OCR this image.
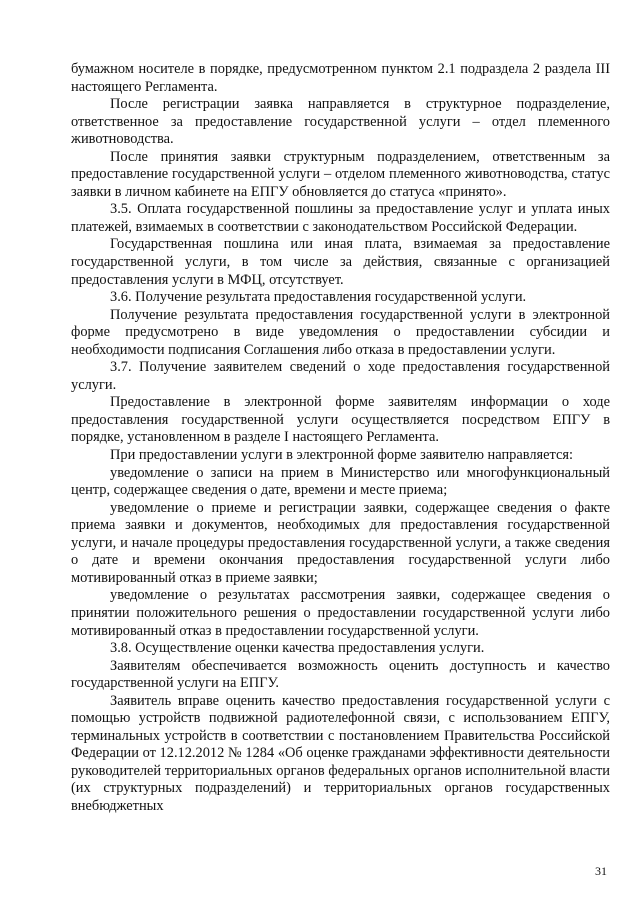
бумажном носителе в порядке, предусмотренном пунктом 2.1 подраздела 2 раздела III настоящего Регламента.

После регистрации заявка направляется в структурное подразделение, ответственное за предоставление государственной услуги – отдел племенного животноводства.

После принятия заявки структурным подразделением, ответственным за предоставление государственной услуги – отделом племенного животноводства, статус заявки в личном кабинете на ЕПГУ обновляется до статуса «принято».

3.5. Оплата государственной пошлины за предоставление услуг и уплата иных платежей, взимаемых в соответствии с законодательством Российской Федерации.

Государственная пошлина или иная плата, взимаемая за предоставление государственной услуги, в том числе за действия, связанные с организацией предоставления услуги в МФЦ, отсутствует.

3.6. Получение результата предоставления государственной услуги.

Получение результата предоставления государственной услуги в электронной форме предусмотрено в виде уведомления о предоставлении субсидии и необходимости подписания Соглашения либо отказа в предоставлении услуги.

3.7. Получение заявителем сведений о ходе предоставления государственной услуги.

Предоставление в электронной форме заявителям информации о ходе предоставления государственной услуги осуществляется посредством ЕПГУ в порядке, установленном в разделе I настоящего Регламента.

При предоставлении услуги в электронной форме заявителю направляется:

уведомление о записи на прием в Министерство или многофункциональный центр, содержащее сведения о дате, времени и месте приема;

уведомление о приеме и регистрации заявки, содержащее сведения о факте приема заявки и документов, необходимых для предоставления государственной услуги, и начале процедуры предоставления государственной услуги, а также сведения о дате и времени окончания предоставления государственной услуги либо мотивированный отказ в приеме заявки;

уведомление о результатах рассмотрения заявки, содержащее сведения о принятии положительного решения о предоставлении государственной услуги либо мотивированный отказ в предоставлении государственной услуги.

3.8. Осуществление оценки качества предоставления услуги.

Заявителям обеспечивается возможность оценить доступность и качество государственной услуги на ЕПГУ.

Заявитель вправе оценить качество предоставления государственной услуги с помощью устройств подвижной радиотелефонной связи, с использованием ЕПГУ, терминальных устройств в соответствии с постановлением Правительства Российской Федерации от 12.12.2012 № 1284 «Об оценке гражданами эффективности деятельности руководителей территориальных органов федеральных органов исполнительной власти (их структурных подразделений) и территориальных органов государственных внебюджетных

31
